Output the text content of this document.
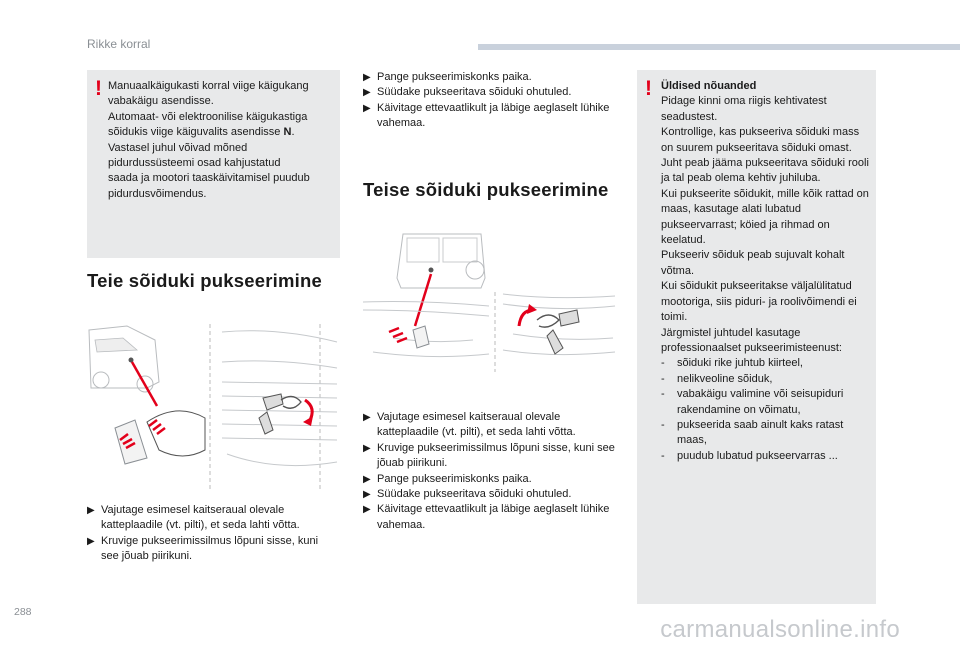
Rikke korral
! Manuaalkäigukasti korral viige käigukang

vabakäigu asendisse.

Automaat- või elektroonilise käigukastiga

sõidukis viige käiguvalits asendisse N.

Vastasel juhul võivad mõned

pidurdussüsteemi osad kahjustatud

saada ja mootori taaskäivitamisel puudub

pidurdusvõimendus.

Teie sõiduki pukseerimine
▶ Vajutage esimesel kaitseraual olevale katteplaadile (vt. pilti), et seda lahti võtta.
▶ Kruvige pukseerimissilmus lõpuni sisse, kuni see jõuab piirikuni.
▶ Pange pukseerimiskonks paika.
▶ Süüdake pukseeritava sõiduki ohutuled.
▶ Käivitage ettevaatlikult ja läbige aeglaselt lühike vahemaa.
Teise sõiduki pukseerimine
▶ Vajutage esimesel kaitseraual olevale katteplaadile (vt. pilti), et seda lahti võtta.
▶ Kruvige pukseerimissilmus lõpuni sisse, kuni see jõuab piirikuni.
▶ Pange pukseerimiskonks paika.
▶ Süüdake pukseeritava sõiduki ohutuled.
▶ Käivitage ettevaatlikult ja läbige aeglaselt lühike vahemaa.
! Üldised nõuanded

Pidage kinni oma riigis kehtivatest seadustest.

Kontrollige, kas pukseeriva sõiduki mass on suurem pukseeritava sõiduki omast.

Juht peab jääma pukseeritava sõiduki rooli ja tal peab olema kehtiv juhiluba.

Kui pukseerite sõidukit, mille kõik rattad on maas, kasutage alati lubatud pukseervarrast; köied ja rihmad on keelatud.

Pukseeriv sõiduk peab sujuvalt kohalt võtma.

Kui sõidukit pukseeritakse väljalülitatud mootoriga, siis piduri- ja roolivõimendi ei toimi.

Järgmistel juhtudel kasutage professionaalset pukseerimisteenust:

- sõiduki rike juhtub kiirteel,
- nelikveoline sõiduk,
- vabakäigu valimine või seisupiduri rakendamine on võimatu,
- pukseerida saab ainult kaks ratast maas,
- puudub lubatud pukseervarras ...
288
carmanualsonline.info
